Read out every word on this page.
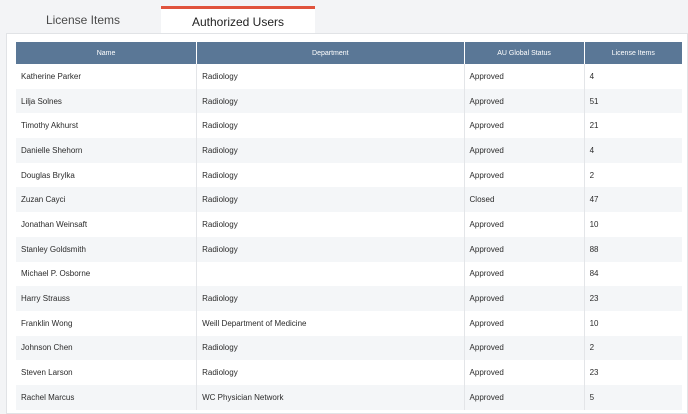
License Items	Authorized Users
Name	Department	AU Global Status	License Items
Katherine Parker	Radiology	Approved	4
Lilja Solnes	Radiology	Approved	51
Timothy Akhurst	Radiology	Approved	21
Danielle Shehorn	Radiology	Approved	4
Douglas Brylka	Radiology	Approved	2
Zuzan Cayci	Radiology	Closed	47
Jonathan Weinsaft	Radiology	Approved	10
Stanley Goldsmith	Radiology	Approved	88
Michael P. Osborne		Approved	84
Harry Strauss	Radiology	Approved	23
Franklin Wong	Weill Department of Medicine	Approved	10
Johnson Chen	Radiology	Approved	2
Steven Larson	Radiology	Approved	23
Rachel Marcus	WC Physician Network	Approved	5
